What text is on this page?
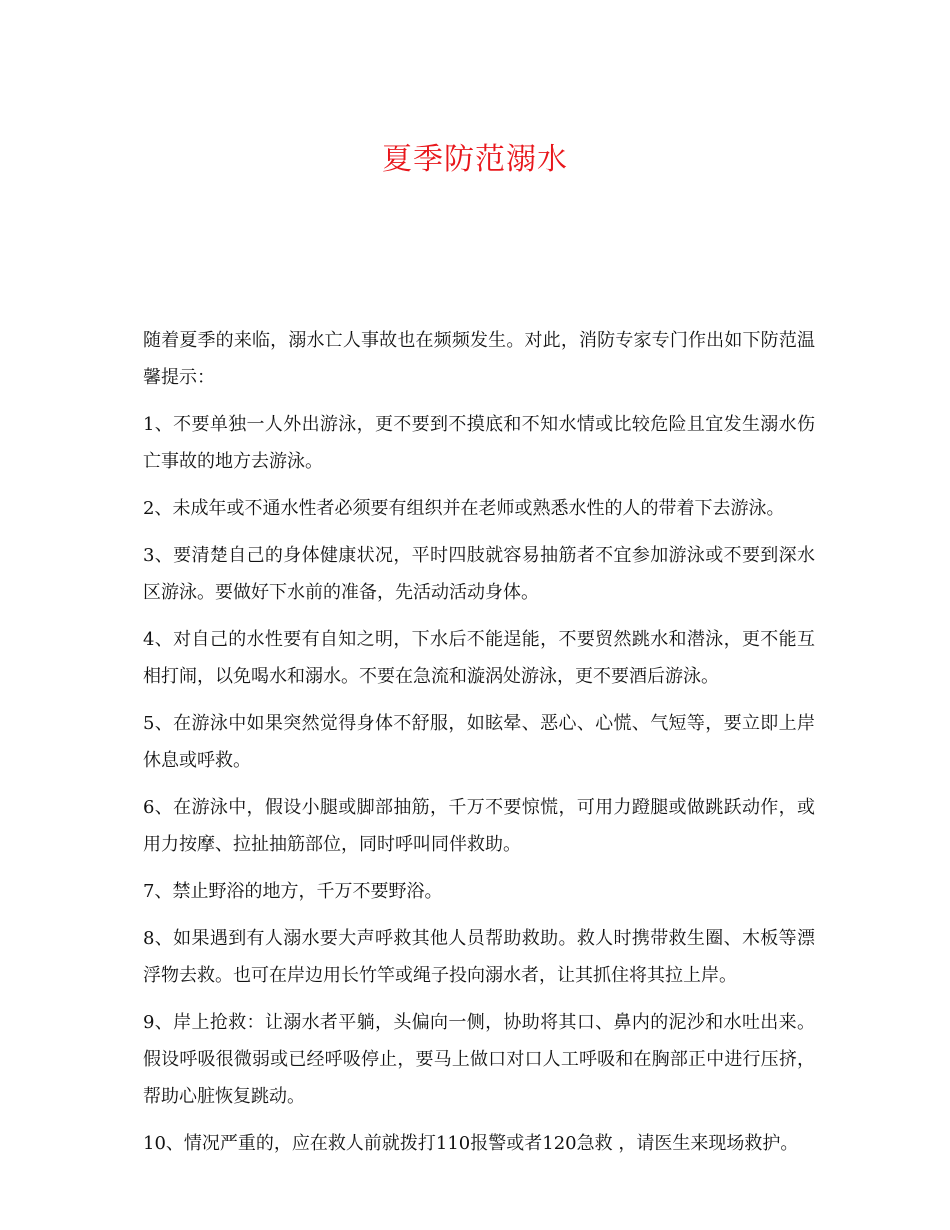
夏季防范溺水

随着夏季的来临，溺水亡人事故也在频频发生。对此，消防专家专门作出如下防范温馨提示：

1、不要单独一人外出游泳，更不要到不摸底和不知水情或比较危险且宜发生溺水伤亡事故的地方去游泳。

2、未成年或不通水性者必须要有组织并在老师或熟悉水性的人的带着下去游泳。

3、要清楚自己的身体健康状况，平时四肢就容易抽筋者不宜参加游泳或不要到深水区游泳。要做好下水前的准备，先活动活动身体。

4、对自己的水性要有自知之明，下水后不能逞能，不要贸然跳水和潜泳，更不能互相打闹，以免喝水和溺水。不要在急流和漩涡处游泳，更不要酒后游泳。

5、在游泳中如果突然觉得身体不舒服，如眩晕、恶心、心慌、气短等，要立即上岸休息或呼救。

6、在游泳中，假设小腿或脚部抽筋，千万不要惊慌，可用力蹬腿或做跳跃动作，或用力按摩、拉扯抽筋部位，同时呼叫同伴救助。

7、禁止野浴的地方，千万不要野浴。

8、如果遇到有人溺水要大声呼救其他人员帮助救助。救人时携带救生圈、木板等漂浮物去救。也可在岸边用长竹竿或绳子投向溺水者，让其抓住将其拉上岸。

9、岸上抢救：让溺水者平躺，头偏向一侧，协助将其口、鼻内的泥沙和水吐出来。假设呼吸很微弱或已经呼吸停止，要马上做口对口人工呼吸和在胸部正中进行压挤，帮助心脏恢复跳动。

10、情况严重的，应在救人前就拨打110报警或者120急救 ，请医生来现场救护。
